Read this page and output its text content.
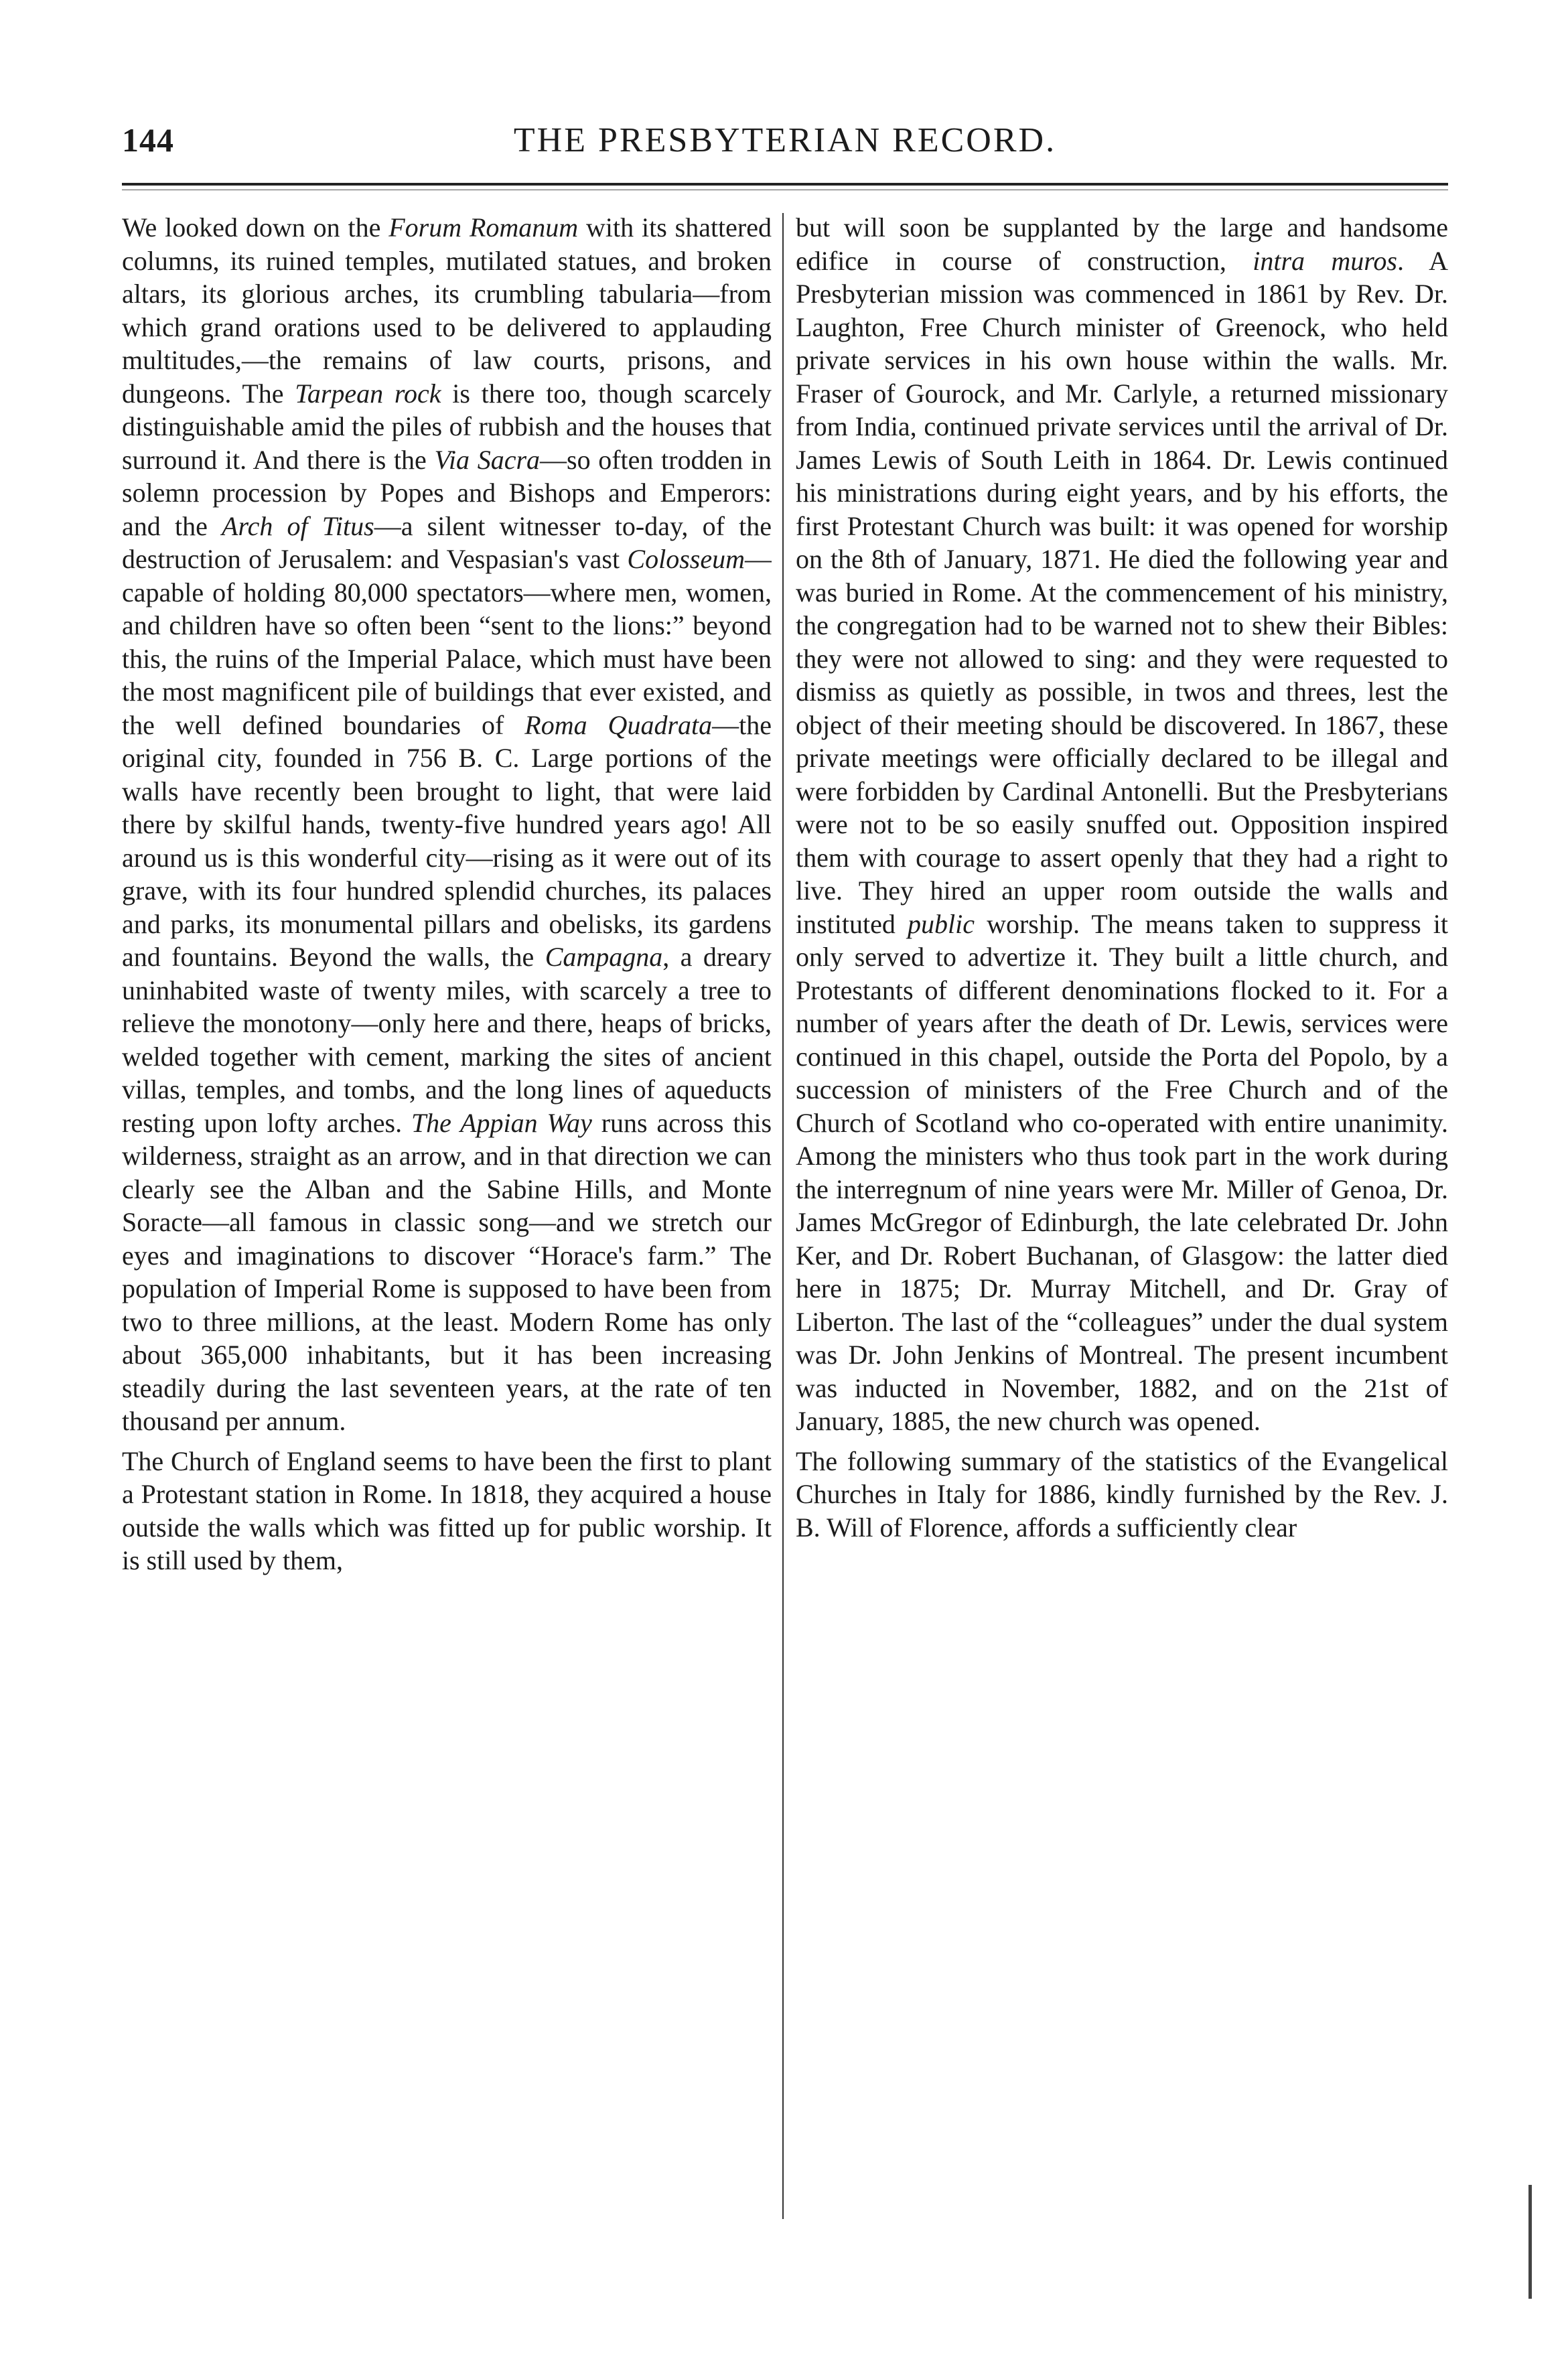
144	THE PRESBYTERIAN RECORD.

We looked down on the Forum Romanum with its shattered columns, its ruined temples, mutilated statues, and broken altars, its glorious arches, its crumbling tabularia—from which grand orations used to be delivered to applauding multitudes,—the remains of law courts, prisons, and dungeons. The Tarpean rock is there too, though scarcely distinguishable amid the piles of rubbish and the houses that surround it. And there is the Via Sacra—so often trodden in solemn procession by Popes and Bishops and Emperors: and the Arch of Titus—a silent witnesser to-day, of the destruction of Jerusalem: and Vespasian's vast Colosseum—capable of holding 80,000 spectators—where men, women, and children have so often been “sent to the lions:” beyond this, the ruins of the Imperial Palace, which must have been the most magnificent pile of buildings that ever existed, and the well defined boundaries of Roma Quadrata—the original city, founded in 756 B. C. Large portions of the walls have recently been brought to light, that were laid there by skilful hands, twenty-five hundred years ago! All around us is this wonderful city—rising as it were out of its grave, with its four hundred splendid churches, its palaces and parks, its monumental pillars and obelisks, its gardens and fountains. Beyond the walls, the Campagna, a dreary uninhabited waste of twenty miles, with scarcely a tree to relieve the monotony—only here and there, heaps of bricks, welded together with cement, marking the sites of ancient villas, temples, and tombs, and the long lines of aqueducts resting upon lofty arches. The Appian Way runs across this wilderness, straight as an arrow, and in that direction we can clearly see the Alban and the Sabine Hills, and Monte Soracte—all famous in classic song—and we stretch our eyes and imaginations to discover “Horace's farm.” The population of Imperial Rome is supposed to have been from two to three millions, at the least. Modern Rome has only about 365,000 inhabitants, but it has been increasing steadily during the last seventeen years, at the rate of ten thousand per annum.

The Church of England seems to have been the first to plant a Protestant station in Rome. In 1818, they acquired a house outside the walls which was fitted up for public worship. It is still used by them,

but will soon be supplanted by the large and handsome edifice in course of construction, intra muros. A Presbyterian mission was commenced in 1861 by Rev. Dr. Laughton, Free Church minister of Greenock, who held private services in his own house within the walls. Mr. Fraser of Gourock, and Mr. Carlyle, a returned missionary from India, continued private services until the arrival of Dr. James Lewis of South Leith in 1864. Dr. Lewis continued his ministrations during eight years, and by his efforts, the first Protestant Church was built: it was opened for worship on the 8th of January, 1871. He died the following year and was buried in Rome. At the commencement of his ministry, the congregation had to be warned not to shew their Bibles: they were not allowed to sing: and they were requested to dismiss as quietly as possible, in twos and threes, lest the object of their meeting should be discovered. In 1867, these private meetings were officially declared to be illegal and were forbidden by Cardinal Antonelli. But the Presbyterians were not to be so easily snuffed out. Opposition inspired them with courage to assert openly that they had a right to live. They hired an upper room outside the walls and instituted public worship. The means taken to suppress it only served to advertize it. They built a little church, and Protestants of different denominations flocked to it. For a number of years after the death of Dr. Lewis, services were continued in this chapel, outside the Porta del Popolo, by a succession of ministers of the Free Church and of the Church of Scotland who co-operated with entire unanimity. Among the ministers who thus took part in the work during the interregnum of nine years were Mr. Miller of Genoa, Dr. James McGregor of Edinburgh, the late celebrated Dr. John Ker, and Dr. Robert Buchanan, of Glasgow: the latter died here in 1875; Dr. Murray Mitchell, and Dr. Gray of Liberton. The last of the “colleagues” under the dual system was Dr. John Jenkins of Montreal. The present incumbent was inducted in November, 1882, and on the 21st of January, 1885, the new church was opened.

The following summary of the statistics of the Evangelical Churches in Italy for 1886, kindly furnished by the Rev. J. B. Will of Florence, affords a sufficiently clear
